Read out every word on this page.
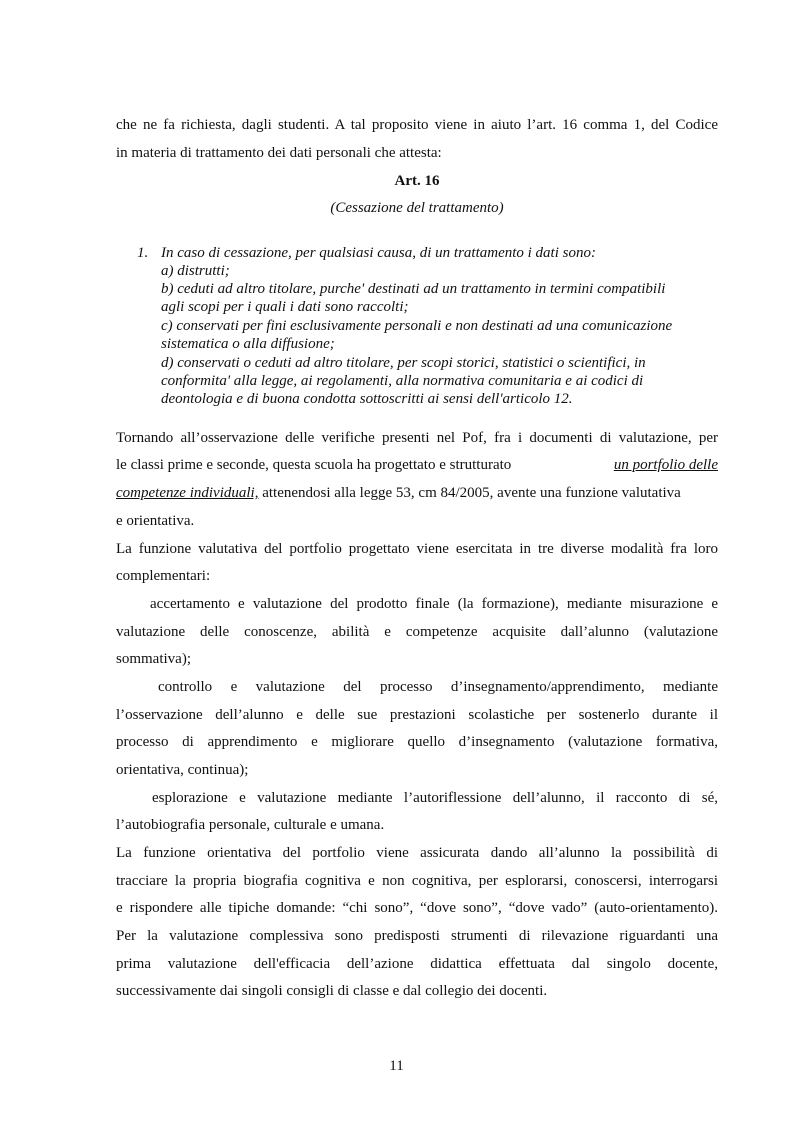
che ne fa richiesta, dagli studenti. A tal proposito viene in aiuto l’art. 16 comma 1, del Codice
in materia di trattamento dei dati personali che attesta:
Art. 16
(Cessazione del trattamento)
1. In caso di cessazione, per qualsiasi causa, di un trattamento i dati sono:
a) distrutti;
b) ceduti ad altro titolare, purche' destinati ad un trattamento in termini compatibili
agli scopi per i quali i dati sono raccolti;
c) conservati per fini esclusivamente personali e non destinati ad una comunicazione
sistematica o alla diffusione;
d) conservati o ceduti ad altro titolare, per scopi storici, statistici o scientifici, in
conformita' alla legge, ai regolamenti, alla normativa comunitaria e ai codici di
deontologia e di buona condotta sottoscritti ai sensi dell'articolo 12.
Tornando all’osservazione delle verifiche presenti nel Pof, fra i documenti di valutazione, per
le classi prime e seconde, questa scuola ha progettato e strutturato	un portfolio delle
competenze individuali, attenendosi alla legge 53, cm 84/2005, avente una funzione valutativa
e orientativa.
La funzione valutativa del portfolio progettato viene esercitata in tre diverse modalità fra loro
complementari:
accertamento e valutazione del prodotto finale (la formazione), mediante misurazione e
valutazione delle conoscenze, abilità e competenze acquisite dall’alunno (valutazione
sommativa);
controllo e valutazione del processo d’insegnamento/apprendimento, mediante
l’osservazione dell’alunno e delle sue prestazioni scolastiche per sostenerlo durante il
processo di apprendimento e migliorare quello d’insegnamento (valutazione formativa,
orientativa, continua);
esplorazione e valutazione mediante l’autoriflessione dell’alunno, il racconto di sé,
l’autobiografia personale, culturale e umana.
La funzione orientativa del portfolio viene assicurata dando all’alunno la possibilità di
tracciare la propria biografia cognitiva e non cognitiva, per esplorarsi, conoscersi, interrogarsi
e rispondere alle tipiche domande: “chi sono”, “dove sono”, “dove vado” (auto-orientamento).
Per la valutazione complessiva sono predisposti strumenti di rilevazione riguardanti una
prima valutazione dell'efficacia dell’azione didattica effettuata dal singolo docente,
successivamente dai singoli consigli di classe e dal collegio dei docenti.
11
